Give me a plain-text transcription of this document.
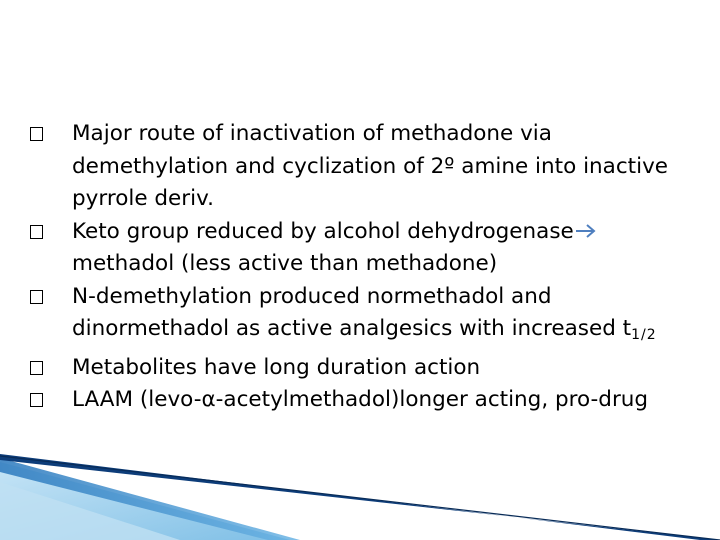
Major route of inactivation of methadone via demethylation and cyclization of 2º amine into inactive pyrrole deriv.
Keto group reduced by alcohol dehydrogenase methadol (less active than methadone)
N-demethylation produced normethadol and dinormethadol as active analgesics with increased $t_{1/2}$
Metabolites have long duration action
LAAM (levo-α-acetylmethadol)longer acting, pro-drug
